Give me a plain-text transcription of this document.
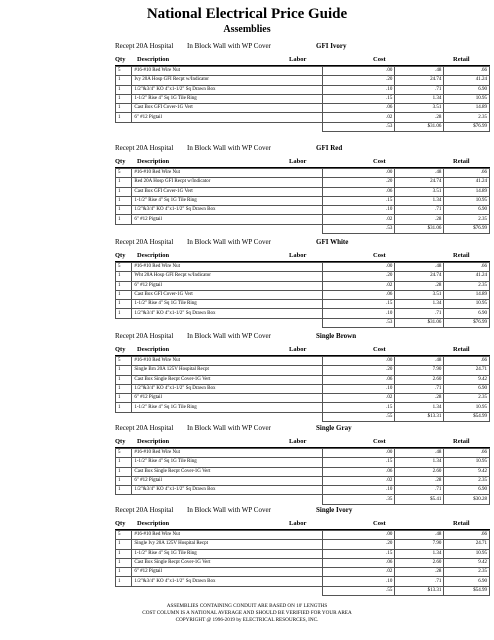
National Electrical Price Guide
Assemblies
Recept 20A Hospital In Block Wall with WP Cover	GFI Ivory
Qty Description	Labor	Cost	Retail
5	#16-#10 Red Wire Nut	.00	.48	.66
1	Ivy 20A Hosp GFI Recpt w/Indicator	.20	24.74	41.24
1	1/2"&3/4" KO 4"x1-1/2" Sq Drawn Box	.10	.71	6.90
1	1-1/2" Rise 4" Sq 1G Tile Ring	.15	1.34	10.95
1	Cast Box GFI Cover-1G Vert	.06	3.51	14.89
1	6" #12 Pigtail	.02	.28	2.35
		.53	$31.06	$76.99
Recept 20A Hospital In Block Wall with WP Cover	GFI Red
Qty Description	Labor	Cost	Retail
5	#16-#10 Red Wire Nut	.00	.48	.66
1	Red 20A Hosp GFI Recpt w/Indicator	.20	24.74	41.24
1	Cast Box GFI Cover-1G Vert	.06	3.51	14.89
1	1-1/2" Rise 4" Sq 1G Tile Ring	.15	1.34	10.95
1	1/2"&3/4" KO 4"x1-1/2" Sq Drawn Box	.10	.71	6.90
1	6" #12 Pigtail	.02	.28	2.35
		.53	$31.06	$76.99
Recept 20A Hospital In Block Wall with WP Cover	GFI White
Qty Description	Labor	Cost	Retail
5	#16-#10 Red Wire Nut	.00	.48	.66
1	Wht 20A Hosp GFI Recpt w/Indicator	.20	24.74	41.24
1	6" #12 Pigtail	.02	.28	2.35
1	Cast Box GFI Cover-1G Vert	.06	3.51	14.89
1	1-1/2" Rise 4" Sq 1G Tile Ring	.15	1.34	10.95
1	1/2"&3/4" KO 4"x1-1/2" Sq Drawn Box	.10	.71	6.90
		.53	$31.06	$76.99
Recept 20A Hospital In Block Wall with WP Cover	Single Brown
Qty Description	Labor	Cost	Retail
5	#16-#10 Red Wire Nut	.00	.48	.66
1	Single Brn 20A 125V Hospital Recpt	.20	7.90	24.71
1	Cast Box Single Recpt Cover-1G Vert	.06	2.60	9.42
1	1/2"&3/4" KO 4"x1-1/2" Sq Drawn Box	.10	.71	6.90
1	6" #12 Pigtail	.02	.28	2.35
1	1-1/2" Rise 4" Sq 1G Tile Ring	.15	1.34	10.95
		.55	$13.31	$54.99
Recept 20A Hospital In Block Wall with WP Cover	Single Gray
Qty Description	Labor	Cost	Retail
5	#16-#10 Red Wire Nut	.00	.48	.66
1	1-1/2" Rise 4" Sq 1G Tile Ring	.15	1.34	10.95
1	Cast Box Single Recpt Cover-1G Vert	.06	2.60	9.42
1	6" #12 Pigtail	.02	.28	2.35
1	1/2"&3/4" KO 4"x1-1/2" Sq Drawn Box	.10	.71	6.90
		.35	$5.41	$30.28
Recept 20A Hospital In Block Wall with WP Cover	Single Ivory
Qty Description	Labor	Cost	Retail
5	#16-#10 Red Wire Nut	.00	.48	.66
1	Single Ivy 20A 125V Hospital Recpt	.20	7.90	24.71
1	1-1/2" Rise 4" Sq 1G Tile Ring	.15	1.34	10.95
1	Cast Box Single Recpt Cover-1G Vert	.06	2.60	9.42
1	6" #12 Pigtail	.02	.28	2.35
1	1/2"&3/4" KO 4"x1-1/2" Sq Drawn Box	.10	.71	6.90
		.55	$13.31	$54.99
ASSEMBLIES CONTAINING CONDUIT ARE BASED ON 10' LENGTHS
COST COLUMN IS A NATIONAL AVERAGE AND SHOULD BE VERIFIED FOR YOUR AREA
COPYRIGHT @ 1996-2019 by ELECTRICAL RESOURCES, INC.
